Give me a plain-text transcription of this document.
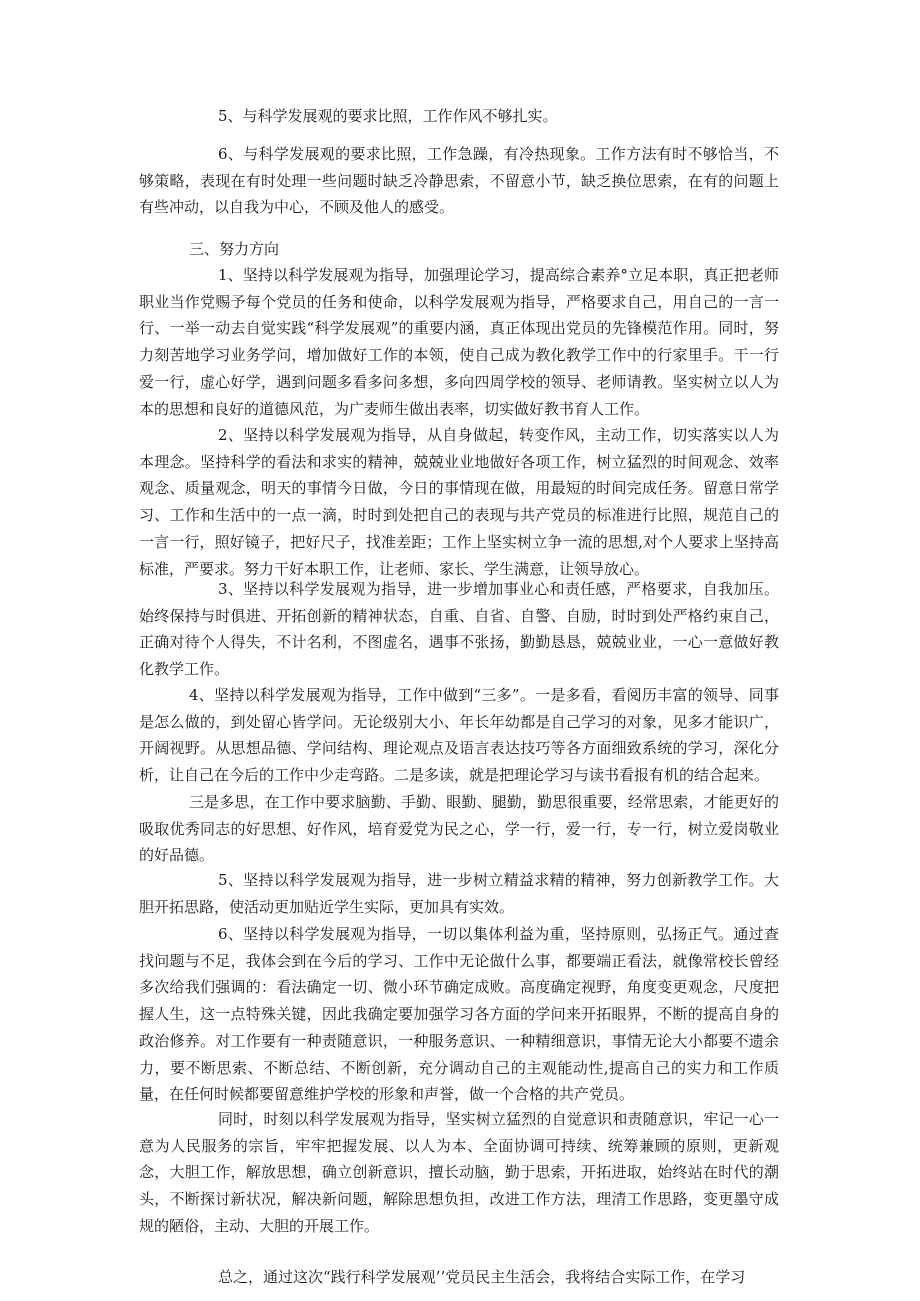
5、与科学发展观的要求比照，工作作风不够扎实。

6、与科学发展观的要求比照，工作急躁，有冷热现象。工作方法有时不够恰当，不够策略，表现在有时处理一些问题时缺乏冷静思索，不留意小节，缺乏换位思索，在有的问题上有些冲动，以自我为中心，不顾及他人的感受。

三、努力方向

1、坚持以科学发展观为指导，加强理论学习，提高综合素养°立足本职，真正把老师职业当作党赐予每个党员的任务和使命，以科学发展观为指导，严格要求自己，用自己的一言一行、一举一动去自觉实践“科学发展观”的重要内涵，真正体现出党员的先锋模范作用。同时，努力刻苦地学习业务学问，增加做好工作的本领，使自己成为教化教学工作中的行家里手。干一行爱一行，虚心好学，遇到问题多看多问多想，多向四周学校的领导、老师请教。坚实树立以人为本的思想和良好的道德风范，为广麦师生做出表率，切实做好教书育人工作。

2、坚持以科学发展观为指导，从自身做起，转变作风，主动工作，切实落实以人为本理念。坚持科学的看法和求实的精神，兢兢业业地做好各项工作，树立猛烈的时间观念、效率观念、质量观念，明天的事情今日做，今日的事情现在做，用最短的时间完成任务。留意日常学习、工作和生活中的一点一滴，时时到处把自己的表现与共产党员的标准进行比照，规范自己的一言一行，照好镜子，把好尺子，找准差距；工作上坚实树立争一流的思想,对个人要求上坚持高标准，严要求。努力干好本职工作，让老师、家长、学生满意，让领导放心。

3、坚持以科学发展观为指导，进一步增加事业心和责任感，严格要求，自我加压。始终保持与时俱进、开拓创新的精神状态，自重、自省、自警、自励，时时到处严格约束自己，正确对待个人得失，不计名利，不图虚名，遇事不张扬，勤勤恳恳，兢兢业业，一心一意做好教化教学工作。

4、坚持以科学发展观为指导，工作中做到“三多”。一是多看，看阅历丰富的领导、同事是怎么做的，到处留心皆学问。无论级别大小、年长年幼都是自己学习的对象，见多才能识广，开阔视野。从思想品德、学问结构、理论观点及语言表达技巧等各方面细致系统的学习，深化分析，让自己在今后的工作中少走弯路。二是多读，就是把理论学习与读书看报有机的结合起来。

三是多思，在工作中要求脑勤、手勤、眼勤、腿勤，勤思很重要，经常思索，才能更好的吸取优秀同志的好思想、好作风，培育爱党为民之心，学一行，爱一行，专一行，树立爱岗敬业的好品德。

5、坚持以科学发展观为指导，进一步树立精益求精的精神，努力创新教学工作。大胆开拓思路，使活动更加贴近学生实际，更加具有实效。

6、坚持以科学发展观为指导，一切以集体利益为重，坚持原则，弘扬正气。通过查找问题与不足，我体会到在今后的学习、工作中无论做什么事，都要端正看法，就像常校长曾经多次给我们强调的：看法确定一切、微小环节确定成败。高度确定视野，角度变更观念，尺度把握人生，这一点特殊关键，因此我确定要加强学习各方面的学问来开拓眼界，不断的提高自身的政治修养。对工作要有一种责随意识，一种服务意识、一种精细意识，事情无论大小都要不遗余力，要不断思索、不断总结、不断创新，充分调动自己的主观能动性,提高自己的实力和工作质量，在任何时候都要留意维护学校的形象和声誉，做一个合格的共产党员。

同时，时刻以科学发展观为指导，坚实树立猛烈的自觉意识和责随意识，牢记一心一意为人民服务的宗旨，牢牢把握发展、以人为本、全面协调可持续、统筹兼顾的原则，更新观念，大胆工作，解放思想，确立创新意识，擅长动脑，勤于思索，开拓进取，始终站在时代的潮头，不断探讨新状况，解决新问题，解除思想负担，改进工作方法，理清工作思路，变更墨守成规的陋俗，主动、大胆的开展工作。

总之，通过这次“践行科学发展观’’党员民主生活会，我将结合实际工作，在学习
